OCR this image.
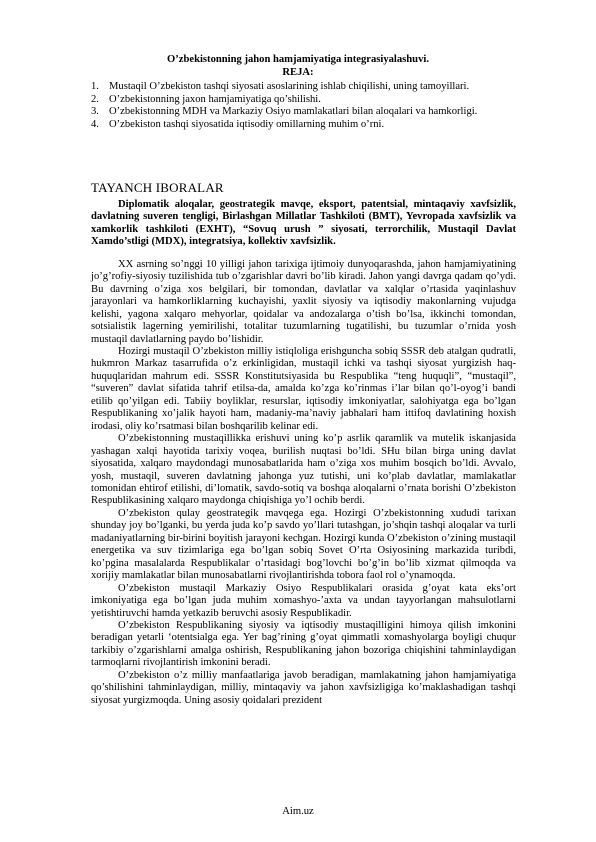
O’zbekistonning jahon hamjamiyatiga integrasiyalashuvi.
REJA:
1. Mustaqil O’zbekiston tashqi siyosati asoslarining ishlab chiqilishi, uning tamoyillari.
2. O’zbekistonning jaxon hamjamiyatiga qo’shilishi.
3. O’zbekistonning MDH va Markaziy Osiyo mamlakatlari bilan aloqalari va hamkorligi.
4. O’zbekiston tashqi siyosatida iqtisodiy omillarning muhim o’rni.
TAYANCH IBORALAR

Diplomatik aloqalar, geostrategik mavqe, eksport, patentsial, mintaqaviy xavfsizlik, davlatning suveren tengligi, Birlashgan Millatlar Tashkiloti (BMT), Yevropada xavfsizlik va xamkorlik tashkiloti (EXHT), “Sovuq urush ” siyosati, terrorchilik, Mustaqil Davlat Xamdo’stligi (MDX), integratsiya, kollektiv xavfsizlik.

XX asrning so’nggi 10 yilligi jahon tarixiga ijtimoiy dunyoqarashda, jahon hamjamiyatining jo’g’rofiy-siyosiy tuzilishida tub o’zgarishlar davri bo’lib kiradi. Jahon yangi davrga qadam qo’ydi. Bu davrning o’ziga xos belgilari, bir tomondan, davlatlar va xalqlar o’rtasida yaqinlashuv jarayonlari va hamkorliklarning kuchayishi, yaxlit siyosiy va iqtisodiy makonlarning vujudga kelishi, yagona xalqaro mehyorlar, qoidalar va andozalarga o’tish bo’lsa, ikkinchi tomondan, sotsialistik lagerning yemirilishi, totalitar tuzumlarning tugatilishi, bu tuzumlar o’rnida yosh mustaqil davlatlarning paydo bo’lishidir.

Hozirgi mustaqil O’zbekiston milliy istiqloliga erishguncha sobiq SSSR deb atalgan qudratli, hukmron Markaz tasarrufida o’z erkinligidan, mustaqil ichki va tashqi siyosat yurgizish haq-huquqlaridan mahrum edi. SSSR Konstitutsiyasida bu Respublika “teng huquqli”, “mustaqil”, “suveren” davlat sifatida tahrif etilsa-da, amalda ko’zga ko’rinmas i’lar bilan qo’l-oyog’i bandi etilib qo’yilgan edi. Tabiiy boyliklar, resurslar, iqtisodiy imkoniyatlar, salohiyatga ega bo’lgan Respublikaning xo’jalik hayoti ham, madaniy-ma’naviy jabhalari ham ittifoq davlatining hoxish irodasi, oliy ko’rsatmasi bilan boshqarilib kelinar edi.

O’zbekistonning mustaqillikka erishuvi uning ko’p asrlik qaramlik va mutelik iskanjasida yashagan xalqi hayotida tarixiy voqea, burilish nuqtasi bo’ldi. SHu bilan birga uning davlat siyosatida, xalqaro maydondagi munosabatlarida ham o’ziga xos muhim bosqich bo’ldi. Avvalo, yosh, mustaqil, suveren davlatning jahonga yuz tutishi, uni ko’plab davlatlar, mamlakatlar tomonidan ehtirof etilishi, di’lomatik, savdo-sotiq va boshqa aloqalarni o’rnata borishi O’zbekiston Respublikasining xalqaro maydonga chiqishiga yo’l ochib berdi.

O’zbekiston qulay geostrategik mavqega ega. Hozirgi O’zbekistonning xududi tarixan shunday joy bo’lganki, bu yerda juda ko’p savdo yo’llari tutashgan, jo’shqin tashqi aloqalar va turli madaniyatlarning bir-birini boyitish jarayoni kechgan. Hozirgi kunda O’zbekiston o’zining mustaqil energetika va suv tizimlariga ega bo’lgan sobiq Sovet O’rta Osiyosining markazida turibdi, ko’pgina masalalarda Respublikalar o’rtasidagi bog’lovchi bo’g’in bo’lib xizmat qilmoqda va xorijiy mamlakatlar bilan munosabatlarni rivojlantirishda tobora faol rol o’ynamoqda.

O’zbekiston mustaqil Markaziy Osiyo Respublikalari orasida g’oyat kata eks’ort imkoniyatiga ega bo’lgan juda muhim xomashyo-’axta va undan tayyorlangan mahsulotlarni yetishtiruvchi hamda yetkazib beruvchi asosiy Respublikadir.

O’zbekiston Respublikaning siyosiy va iqtisodiy mustaqilligini himoya qilish imkonini beradigan yetarli ‘otentsialga ega. Yer bag’rining g’oyat qimmatli xomashyolarga boyligi chuqur tarkibiy o’zgarishlarni amalga oshirish, Respublikaning jahon bozoriga chiqishini tahminlaydigan tarmoqlarni rivojlantirish imkonini beradi.

O’zbekiston o’z milliy manfaatlariga javob beradigan, mamlakatning jahon hamjamiyatiga qo’shilishini tahminlaydigan, milliy, mintaqaviy va jahon xavfsizligiga ko’maklashadigan tashqi siyosat yurgizmoqda. Uning asosiy qoidalari prezident

Aim.uz
